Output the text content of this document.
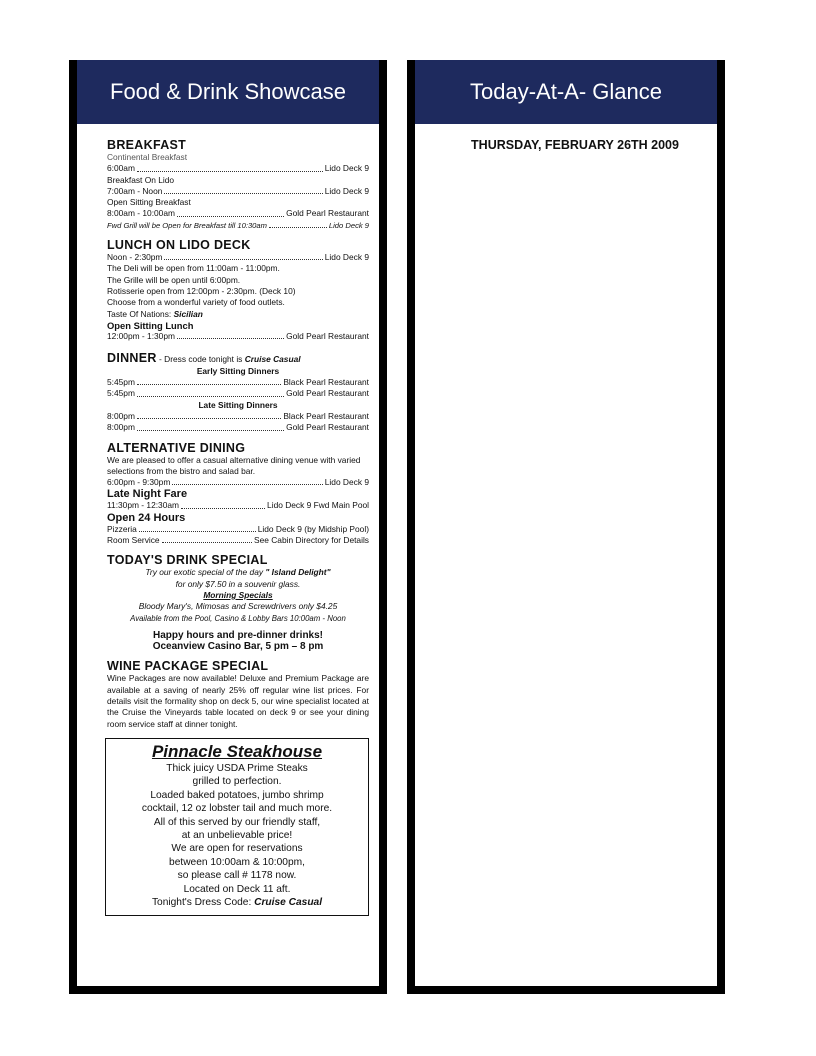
Food & Drink Showcase
BREAKFAST
Continental Breakfast
6:00am	Lido Deck 9
Breakfast On Lido
7:00am - Noon	Lido Deck 9
Open Sitting Breakfast
8:00am - 10:00am	Gold Pearl Restaurant
Fwd Grill will be Open for Breakfast till 10:30am	Lido Deck 9
LUNCH ON LIDO DECK
Noon - 2:30pm	Lido Deck 9
The Deli will be open from 11:00am - 11:00pm.
The Grille will be open until 6:00pm.
Rotisserie open from 12:00pm - 2:30pm. (Deck 10)
Choose from a wonderful variety of food outlets.
Taste Of Nations: Sicilian
Open Sitting Lunch
12:00pm - 1:30pm	Gold Pearl Restaurant
DINNER - Dress code tonight is Cruise Casual
Early Sitting Dinners
5:45pm	Black Pearl Restaurant
5:45pm	Gold Pearl Restaurant
Late Sitting Dinners
8:00pm	Black Pearl Restaurant
8:00pm	Gold Pearl Restaurant
ALTERNATIVE DINING
We are pleased to offer a casual alternative dining venue with varied selections from the bistro and salad bar.
6:00pm - 9:30pm	Lido Deck 9
Late Night Fare
11:30pm - 12:30am	Lido Deck 9 Fwd Main Pool
Open 24 Hours
Pizzeria	Lido Deck 9 (by Midship Pool)
Room Service	See Cabin Directory for Details
TODAY'S DRINK SPECIAL
Try our exotic special of the day " Island Delight"
for only $7.50 in a souvenir glass.
Morning Specials
Bloody Mary's, Mimosas and Screwdrivers only $4.25
Available from the Pool, Casino & Lobby Bars 10:00am - Noon
Happy hours and pre-dinner drinks!
Oceanview Casino Bar, 5 pm – 8 pm
WINE PACKAGE SPECIAL
Wine Packages are now available! Deluxe and Premium Package are available at a saving of nearly 25% off regular wine list prices. For details visit the formality shop on deck 5, our wine specialist located at the Cruise the Vineyards table located on deck 9 or see your dining room service staff at dinner tonight.
Pinnacle Steakhouse
Thick juicy USDA Prime Steaks
grilled to perfection.
Loaded baked potatoes, jumbo shrimp
cocktail, 12 oz lobster tail and much more.
All of this served by our friendly staff,
at an unbelievable price!
We are open for reservations
between 10:00am & 10:00pm,
so please call # 1178 now.
Located on Deck 11 aft.
Tonight's Dress Code: Cruise Casual
Today-At-A- Glance
THURSDAY, FEBRUARY 26TH 2009
